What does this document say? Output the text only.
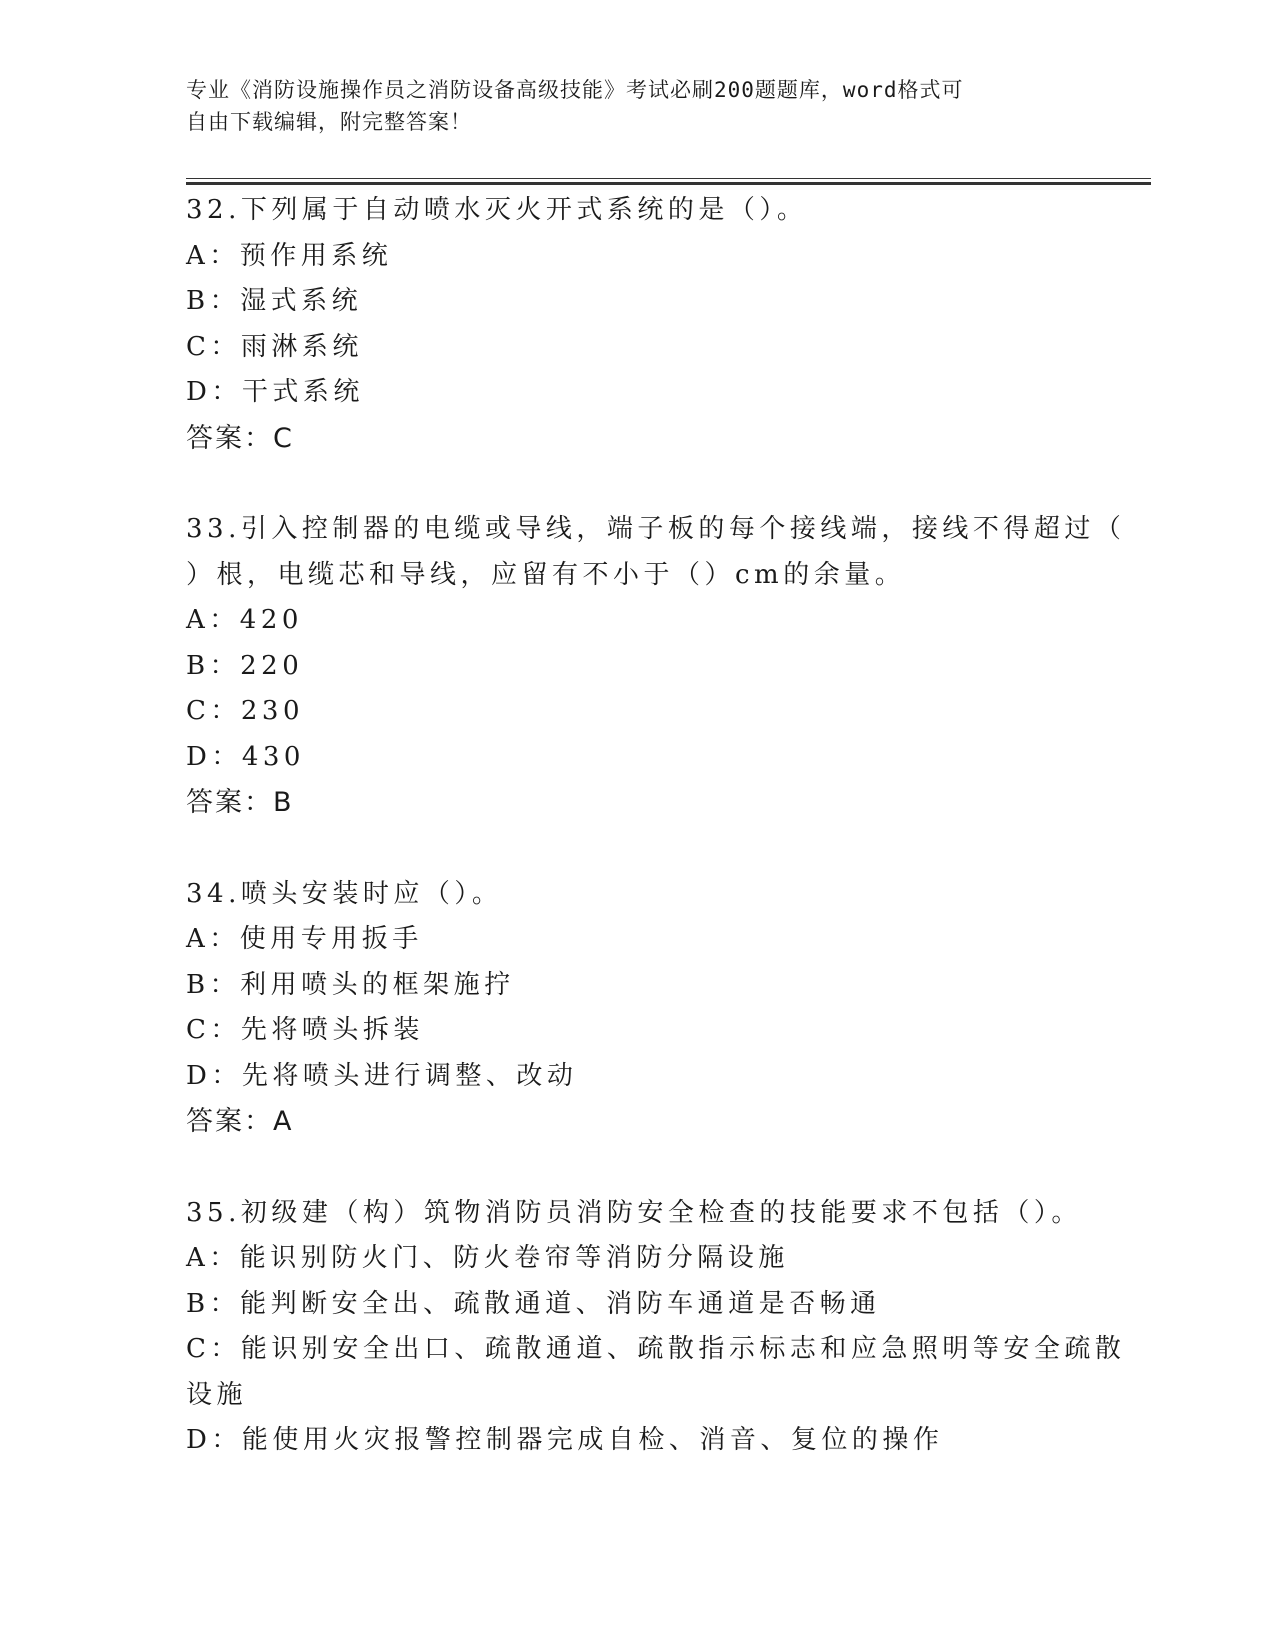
专业《消防设施操作员之消防设备高级技能》考试必刷200题题库，word格式可
自由下载编辑，附完整答案！
32.下列属于自动喷水灭火开式系统的是（）。
A：预作用系统
B：湿式系统
C：雨淋系统
D：干式系统
答案：C
33.引入控制器的电缆或导线，端子板的每个接线端，接线不得超过（
）根，电缆芯和导线，应留有不小于（）cm的余量。
A：420
B：220
C：230
D：430
答案：B
34.喷头安装时应（）。
A：使用专用扳手
B：利用喷头的框架施拧
C：先将喷头拆装
D：先将喷头进行调整、改动
答案：A
35.初级建（构）筑物消防员消防安全检查的技能要求不包括（）。
A：能识别防火门、防火卷帘等消防分隔设施
B：能判断安全出、疏散通道、消防车通道是否畅通
C：能识别安全出口、疏散通道、疏散指示标志和应急照明等安全疏散
设施
D：能使用火灾报警控制器完成自检、消音、复位的操作
